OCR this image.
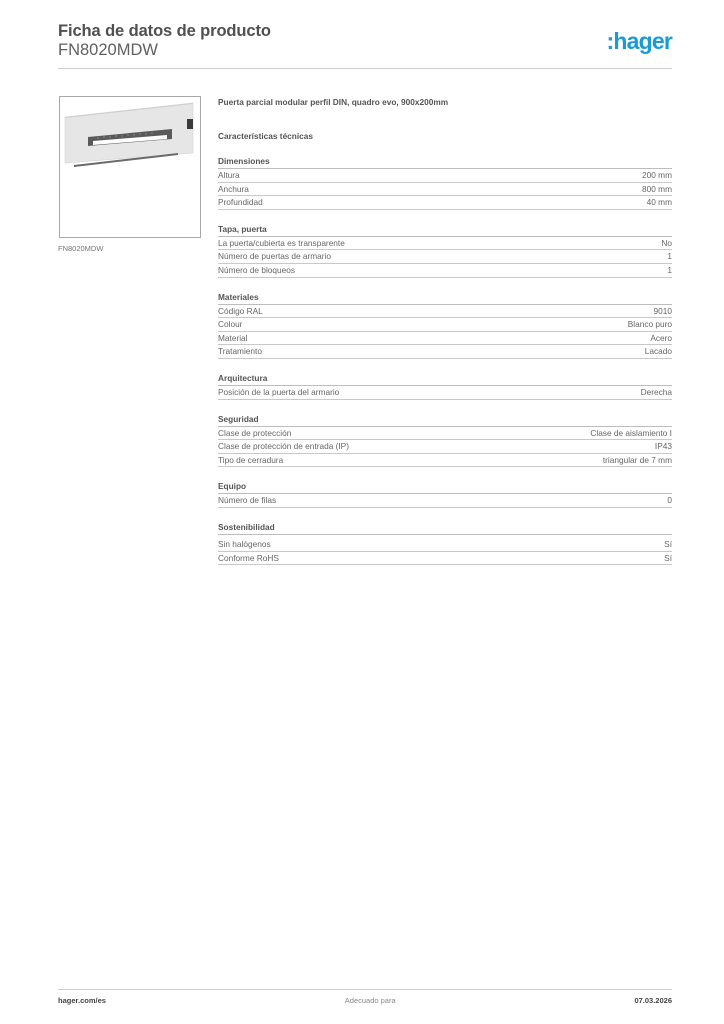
Ficha de datos de producto
FN8020MDW	:hager
FN8020MDW
Puerta parcial modular perfil DIN, quadro evo, 900x200mm
Características técnicas
Dimensiones
Altura	200 mm
Anchura	800 mm
Profundidad	40 mm
Tapa, puerta
La puerta/cubierta es transparente	No
Número de puertas de armario	1
Número de bloqueos	1
Materiales
Código RAL	9010
Colour	Blanco puro
Material	Acero
Tratamiento	Lacado
Arquitectura
Posición de la puerta del armario	Derecha
Seguridad
Clase de protección	Clase de aislamiento I
Clase de protección de entrada (IP)	IP43
Tipo de cerradura	triangular de 7 mm
Equipo
Número de filas	0
Sostenibilidad
Sin halógenos	Sí
Conforme RoHS	Sí
hager.com/es	Adecuado para	07.03.2026
